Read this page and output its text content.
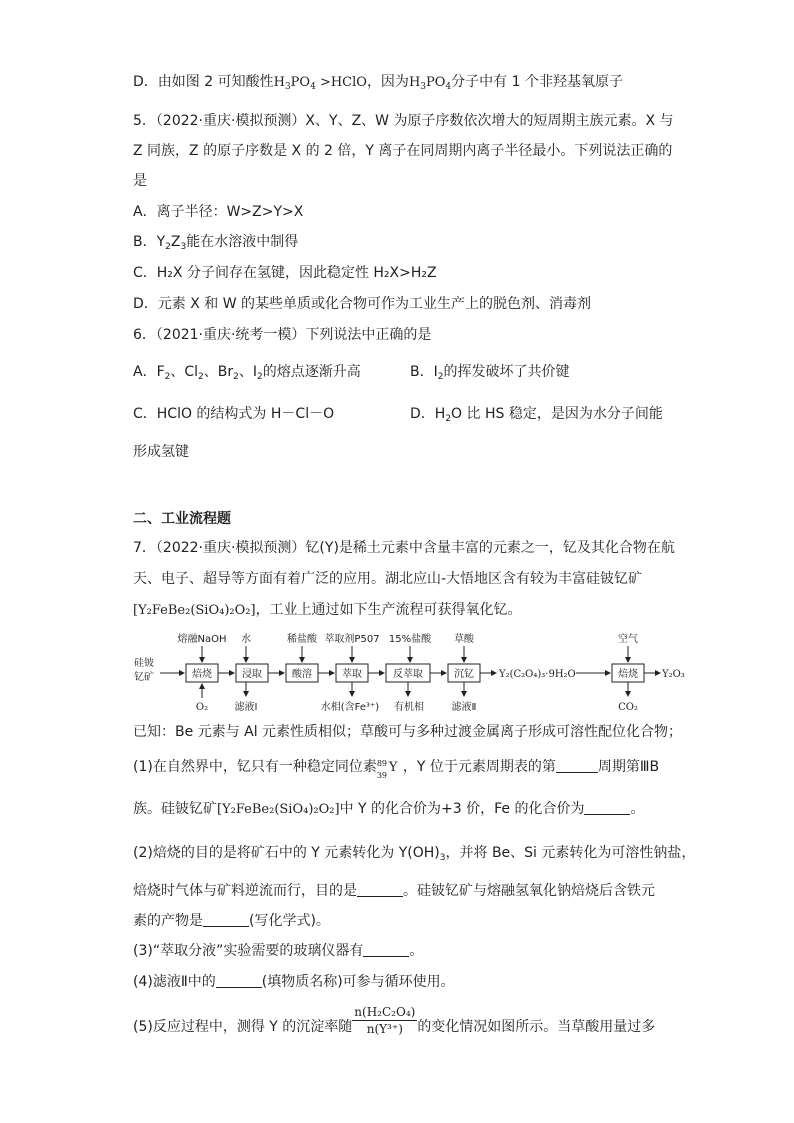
D．由如图 2 可知酸性$H_3PO_4$ >HClO，因为$H_3PO_4$分子中有 1 个非羟基氧原子
5．（2022·重庆·模拟预测）X、Y、Z、W 为原子序数依次增大的短周期主族元素。X 与
Z 同族，Z 的原子序数是 X 的 2 倍，Y 离子在同周期内离子半径最小。下列说法正确的
是
A．离子半径：W>Z>Y>X
B．$Y_2Z_3$能在水溶液中制得
C．H₂X 分子间存在氢键，因此稳定性 H₂X>H₂Z
D．元素 X 和 W 的某些单质或化合物可作为工业生产上的脱色剂、消毒剂
6．（2021·重庆·统考一模）下列说法中正确的是
A．$F_2$、$Cl_2$、$Br_2$、$I_2$的熔点逐渐升高	B．$I_2$的挥发破坏了共价键
C．HClO 的结构式为 H－Cl－O	D．$H_2O$ 比 HS 稳定，是因为水分子间能
形成氢键
二、工业流程题
7．（2022·重庆·模拟预测）钇(Y)是稀土元素中含量丰富的元素之一，钇及其化合物在航
天、电子、超导等方面有着广泛的应用。湖北应山-大悟地区含有较为丰富硅铍钇矿
[Y₂FeBe₂(SiO₄)₂O₂]，工业上通过如下生产流程可获得氧化钇。
硅铍
钇矿	焙烧	浸取	酸溶	萃取	反萃取	沉钇	焙烧
Y₂(C₂O₄)₃·9H₂O	Y₂O₃
熔融NaOH 水	稀盐酸 萃取剂P507 15%盐酸 草酸	空气
O₂	滤液Ⅰ	水相(含Fe³⁺) 有机相	滤液Ⅱ	CO₂
已知：Be 元素与 Al 元素性质相似；草酸可与多种过渡金属离子形成可溶性配位化合物；
(1)在自然界中，钇只有一种稳定同位素 89
39
Y ，Y 位于元素周期表的第	周期第ⅢB
族。硅铍钇矿[Y₂FeBe₂(SiO₄)₂O₂]中 Y 的化合价为+3 价，Fe 的化合价为	。
(2)焙烧的目的是将矿石中的 Y 元素转化为 $Y(OH)_3$，并将 Be、Si 元素转化为可溶性钠盐，
焙烧时气体与矿料逆流而行，目的是	。硅铍钇矿与熔融氢氧化钠焙烧后含铁元
素的产物是	(写化学式)。
(3)“萃取分液”实验需要的玻璃仪器有	。
(4)滤液Ⅱ中的	(填物质名称)可参与循环使用。
(5)反应过程中，测得 Y 的沉淀率随 $\frac{\text{n(H₂C₂O₄)}}{\text{n(Y³⁺)}}$ 的变化情况如图所示。当草酸用量过多
